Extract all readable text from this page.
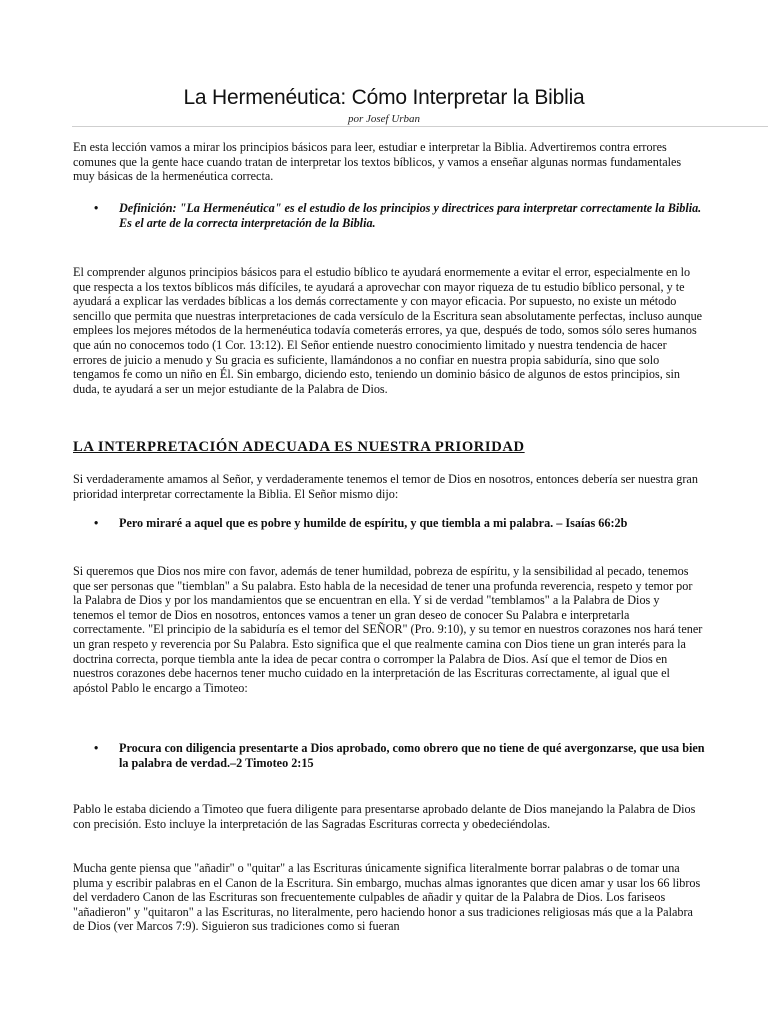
La Hermenéutica: Cómo Interpretar la Biblia
por Josef Urban

En esta lección vamos a mirar los principios básicos para leer, estudiar e interpretar la Biblia. Advertiremos contra errores comunes que la gente hace cuando tratan de interpretar los textos bíblicos, y vamos a enseñar algunas normas fundamentales muy básicas de la hermenéutica correcta.

• Definición: "La Hermenéutica" es el estudio de los principios y directrices para interpretar correctamente la Biblia. Es el arte de la correcta interpretación de la Biblia.

El comprender algunos principios básicos para el estudio bíblico te ayudará enormemente a evitar el error, especialmente en lo que respecta a los textos bíblicos más difíciles, te ayudará a aprovechar con mayor riqueza de tu estudio bíblico personal, y te ayudará a explicar las verdades bíblicas a los demás correctamente y con mayor eficacia. Por supuesto, no existe un método sencillo que permita que nuestras interpretaciones de cada versículo de la Escritura sean absolutamente perfectas, incluso aunque emplees los mejores métodos de la hermenéutica todavía cometerás errores, ya que, después de todo, somos sólo seres humanos que aún no conocemos todo (1 Cor. 13:12). El Señor entiende nuestro conocimiento limitado y nuestra tendencia de hacer errores de juicio a menudo y Su gracia es suficiente, llamándonos a no confiar en nuestra propia sabiduría, sino que solo tengamos fe como un niño en Él. Sin embargo, diciendo esto, teniendo un dominio básico de algunos de estos principios, sin duda, te ayudará a ser un mejor estudiante de la Palabra de Dios.

LA INTERPRETACIÓN ADECUADA ES NUESTRA PRIORIDAD

Si verdaderamente amamos al Señor, y verdaderamente tenemos el temor de Dios en nosotros, entonces debería ser nuestra gran prioridad interpretar correctamente la Biblia. El Señor mismo dijo:

• Pero miraré a aquel que es pobre y humilde de espíritu, y que tiembla a mi palabra. – Isaías 66:2b

Si queremos que Dios nos mire con favor, además de tener humildad, pobreza de espíritu, y la sensibilidad al pecado, tenemos que ser personas que "tiemblan" a Su palabra. Esto habla de la necesidad de tener una profunda reverencia, respeto y temor por la Palabra de Dios y por los mandamientos que se encuentran en ella. Y si de verdad "temblamos" a la Palabra de Dios y tenemos el temor de Dios en nosotros, entonces vamos a tener un gran deseo de conocer Su Palabra e interpretarla correctamente. "El principio de la sabiduría es el temor del SEÑOR" (Pro. 9:10), y su temor en nuestros corazones nos hará tener un gran respeto y reverencia por Su Palabra. Esto significa que el que realmente camina con Dios tiene un gran interés para la doctrina correcta, porque tiembla ante la idea de pecar contra o corromper la Palabra de Dios. Así que el temor de Dios en nuestros corazones debe hacernos tener mucho cuidado en la interpretación de las Escrituras correctamente, al igual que el apóstol Pablo le encargo a Timoteo:

• Procura con diligencia presentarte a Dios aprobado, como obrero que no tiene de qué avergonzarse, que usa bien la palabra de verdad.–2 Timoteo 2:15

Pablo le estaba diciendo a Timoteo que fuera diligente para presentarse aprobado delante de Dios manejando la Palabra de Dios con precisión. Esto incluye la interpretación de las Sagradas Escrituras correcta y obedeciéndolas.

Mucha gente piensa que "añadir" o "quitar" a las Escrituras únicamente significa literalmente borrar palabras o de tomar una pluma y escribir palabras en el Canon de la Escritura. Sin embargo, muchas almas ignorantes que dicen amar y usar los 66 libros del verdadero Canon de las Escrituras son frecuentemente culpables de añadir y quitar de la Palabra de Dios. Los fariseos "añadieron" y "quitaron" a las Escrituras, no literalmente, pero haciendo honor a sus tradiciones religiosas más que a la Palabra de Dios (ver Marcos 7:9). Siguieron sus tradiciones como si fueran
